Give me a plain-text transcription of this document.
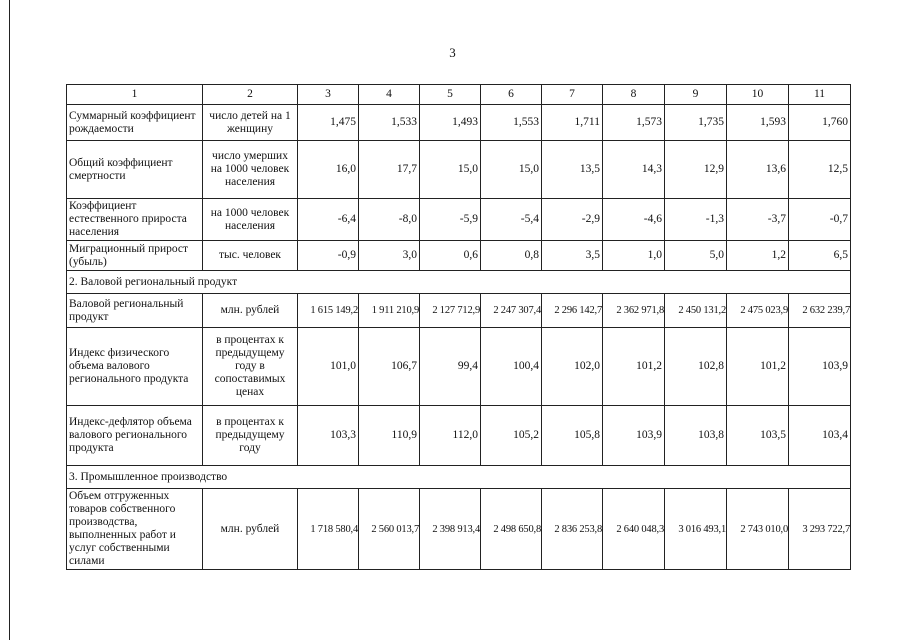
3
1	2	3	4	5	6	7	8	9	10	11
Суммарный коэффициент рождаемости	число детей на 1 женщину	1,475	1,533	1,493	1,553	1,711	1,573	1,735	1,593	1,760
Общий коэффициент смертности	число умерших на 1000 человек населения	16,0	17,7	15,0	15,0	13,5	14,3	12,9	13,6	12,5
Коэффициент естественного прироста населения	на 1000 человек населения	-6,4	-8,0	-5,9	-5,4	-2,9	-4,6	-1,3	-3,7	-0,7
Миграционный прирост (убыль)	тыс. человек	-0,9	3,0	0,6	0,8	3,5	1,0	5,0	1,2	6,5
2. Валовой региональный продукт										
Валовой региональный продукт	млн. рублей	1 615 149,2	1 911 210,9	2 127 712,9	2 247 307,4	2 296 142,7	2 362 971,8	2 450 131,2	2 475 023,9	2 632 239,7
Индекс физического объема валового регионального продукта	в процентах к предыдущему году в сопоставимых ценах	101,0	106,7	99,4	100,4	102,0	101,2	102,8	101,2	103,9
Индекс-дефлятор объема валового регионального продукта	в процентах к предыдущему году	103,3	110,9	112,0	105,2	105,8	103,9	103,8	103,5	103,4
3. Промышленное производство										
Объем отгруженных товаров собственного производства, выполненных работ и услуг собственными силами	млн. рублей	1 718 580,4	2 560 013,7	2 398 913,4	2 498 650,8	2 836 253,8	2 640 048,3	3 016 493,1	2 743 010,0	3 293 722,7
